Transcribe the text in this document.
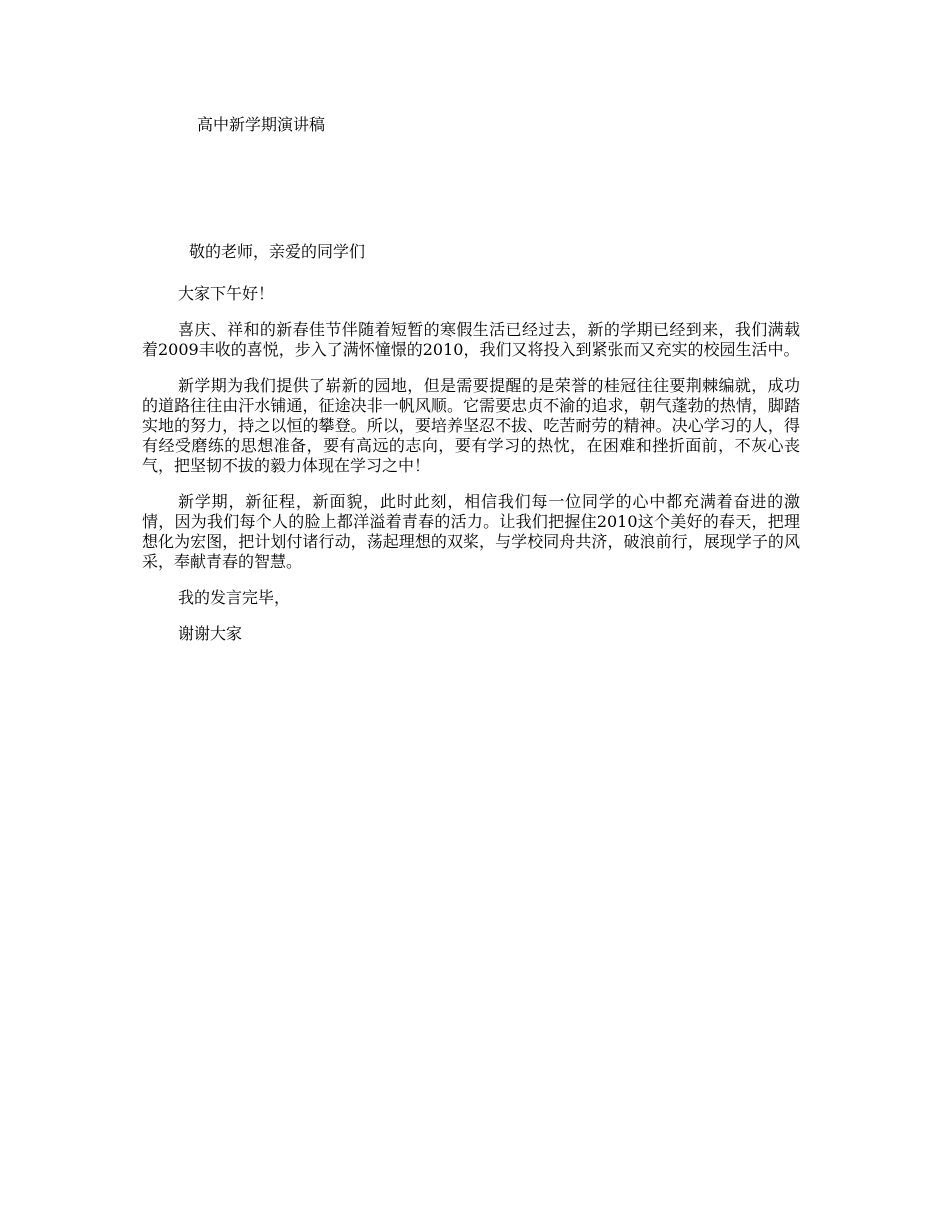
高中新学期演讲稿
敬的老师，亲爱的同学们

大家下午好！

喜庆、祥和的新春佳节伴随着短暂的寒假生活已经过去，新的学期已经到来，我们满载着2009丰收的喜悦，步入了满怀憧憬的2010，我们又将投入到紧张而又充实的校园生活中。

新学期为我们提供了崭新的园地，但是需要提醒的是荣誉的桂冠往往要荆棘编就，成功的道路往往由汗水铺通，征途决非一帆风顺。它需要忠贞不渝的追求，朝气蓬勃的热情，脚踏实地的努力，持之以恒的攀登。所以，要培养坚忍不拔、吃苦耐劳的精神。决心学习的人，得有经受磨练的思想准备，要有高远的志向，要有学习的热忱，在困难和挫折面前，不灰心丧气，把坚韧不拔的毅力体现在学习之中！

新学期，新征程，新面貌，此时此刻，相信我们每一位同学的心中都充满着奋进的激情，因为我们每个人的脸上都洋溢着青春的活力。让我们把握住2010这个美好的春天，把理想化为宏图，把计划付诸行动，荡起理想的双桨，与学校同舟共济，破浪前行，展现学子的风采，奉献青春的智慧。

我的发言完毕，

谢谢大家
